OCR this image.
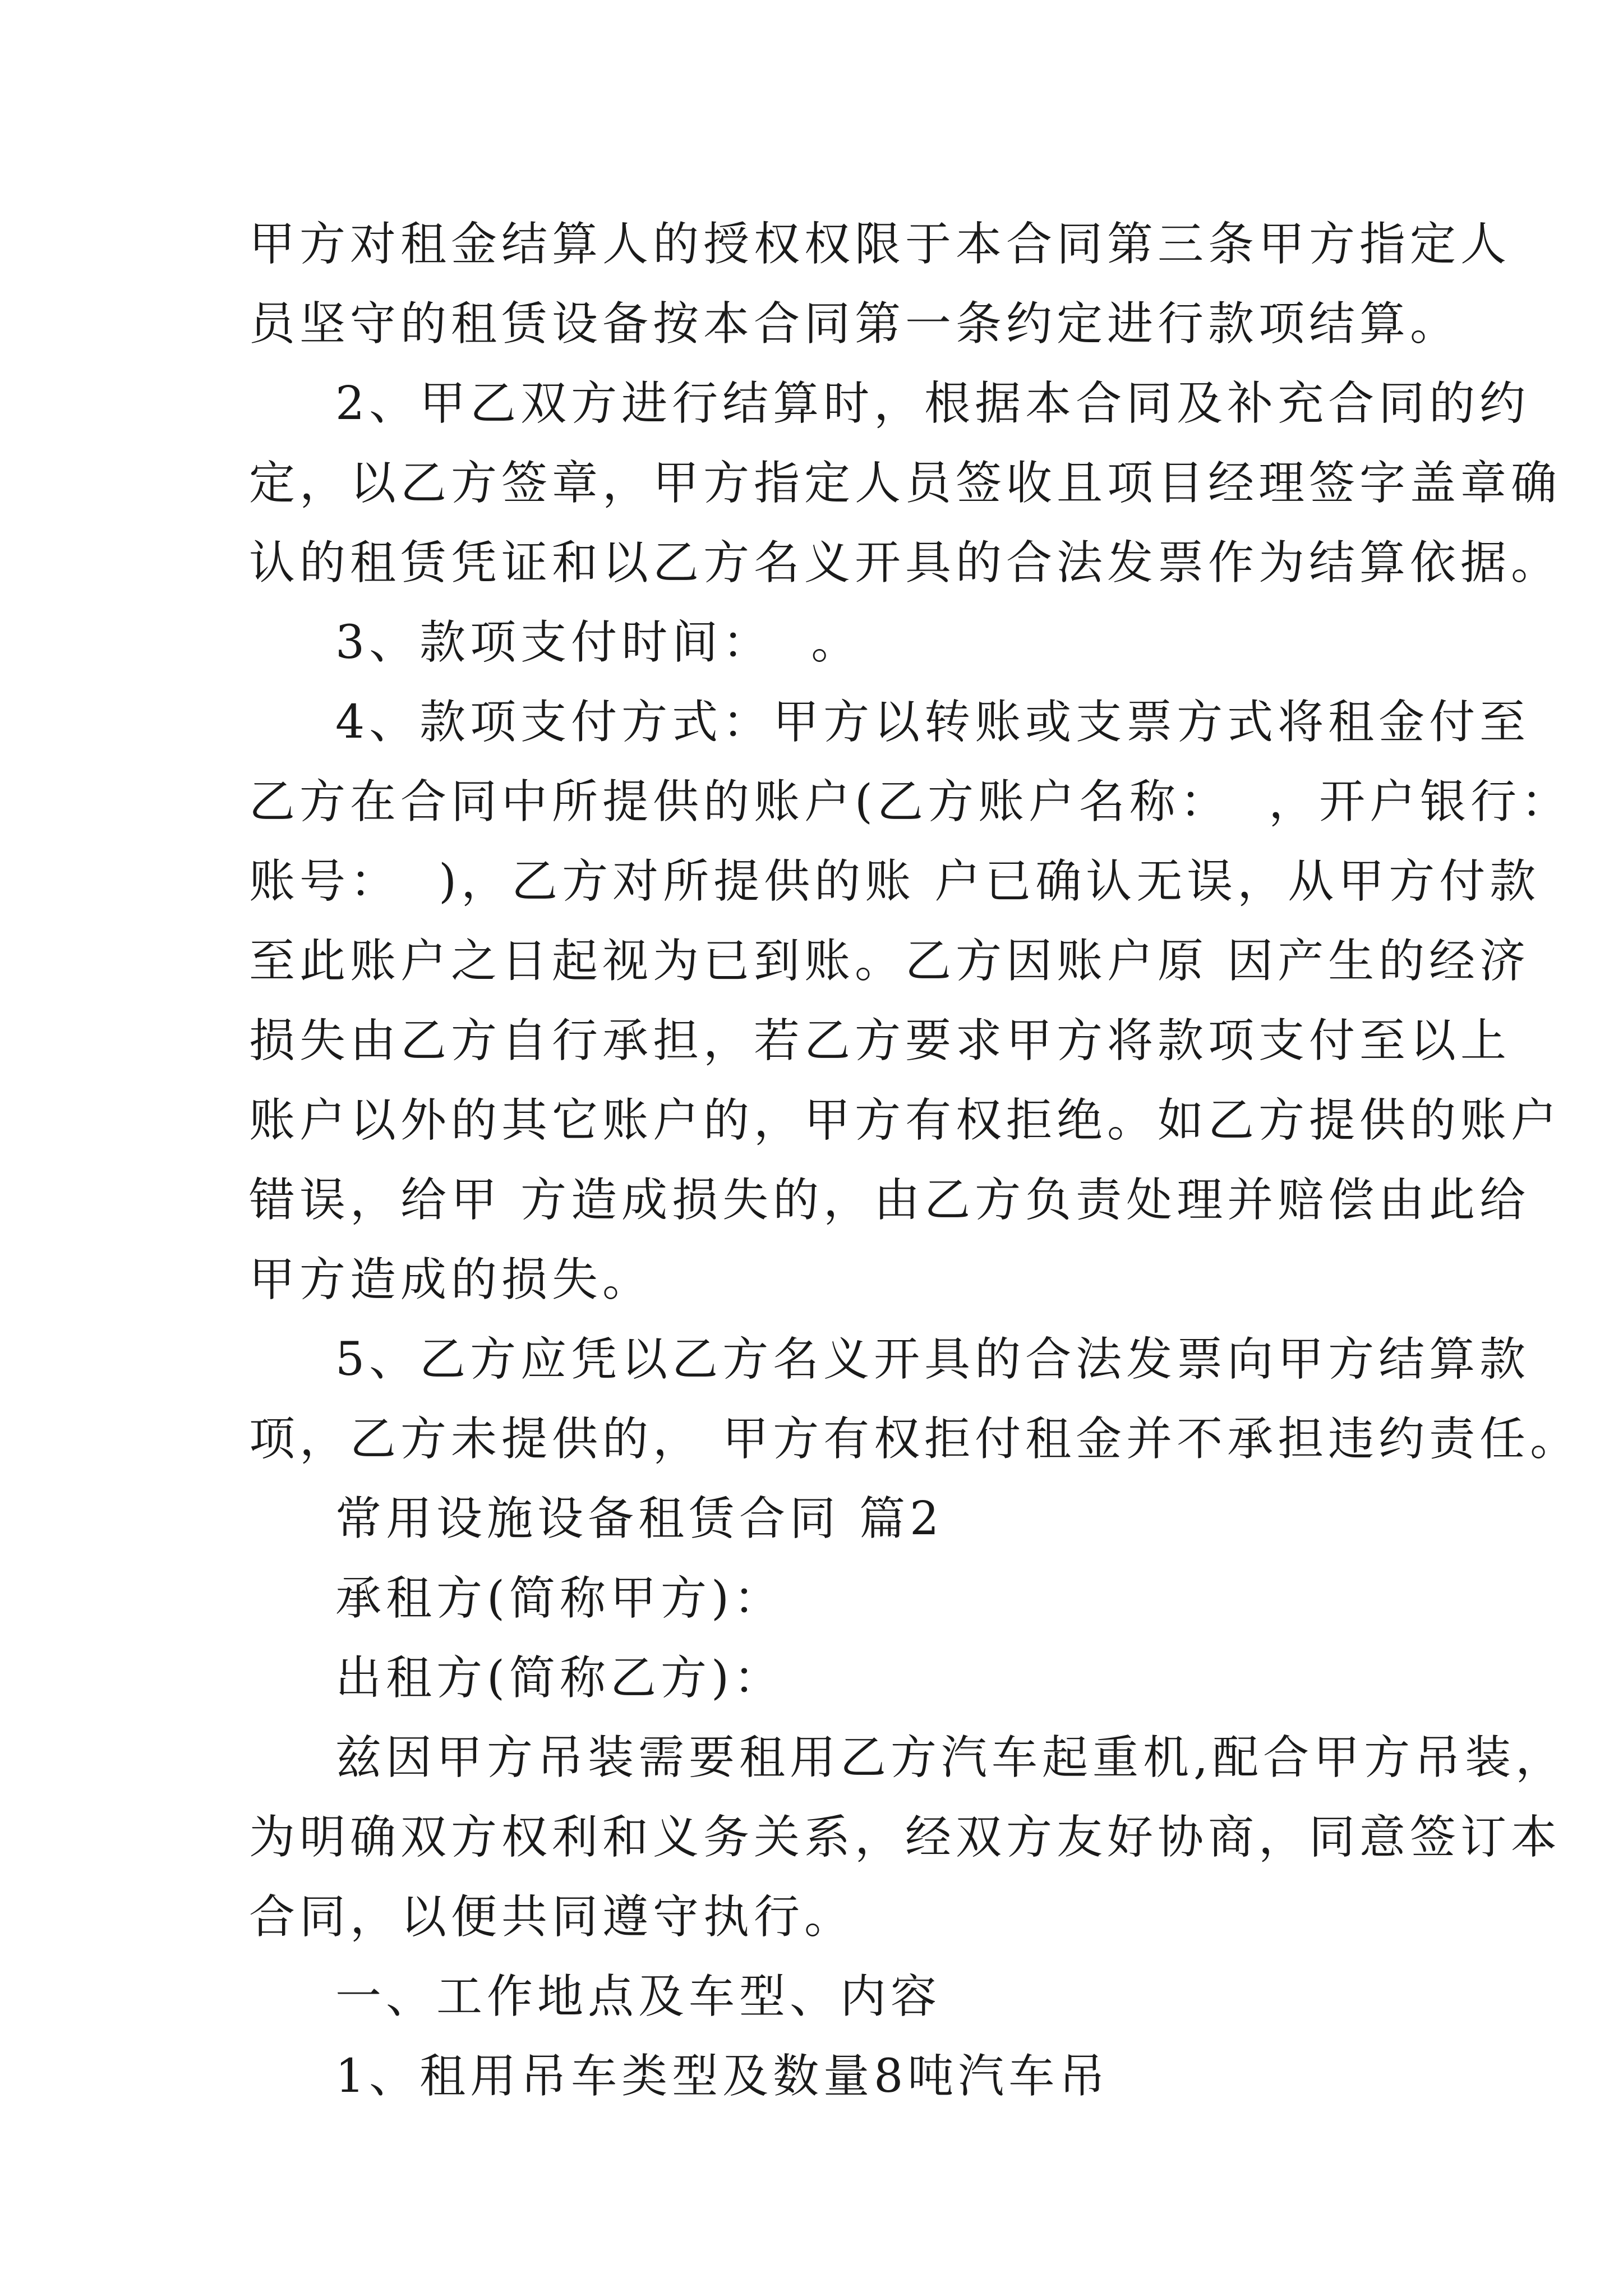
甲方对租金结算人的授权权限于本合同第三条甲方指定人
员坚守的租赁设备按本合同第一条约定进行款项结算。
2、甲乙双方进行结算时，根据本合同及补充合同的约
定，以乙方签章，甲方指定人员签收且项目经理签字盖章确
认的租赁凭证和以乙方名义开具的合法发票作为结算依据。
3、款项支付时间：  。
4、款项支付方式：甲方以转账或支票方式将租金付至
乙方在合同中所提供的账户(乙方账户名称：  ，开户银行：
账号：  )，乙方对所提供的账 户已确认无误，从甲方付款
至此账户之日起视为已到账。乙方因账户原 因产生的经济
损失由乙方自行承担，若乙方要求甲方将款项支付至以上
账户以外的其它账户的，甲方有权拒绝。如乙方提供的账户
错误，给甲 方造成损失的，由乙方负责处理并赔偿由此给
甲方造成的损失。
5、乙方应凭以乙方名义开具的合法发票向甲方结算款
项，乙方未提供的， 甲方有权拒付租金并不承担违约责任。
常用设施设备租赁合同 篇2
承租方(简称甲方)：
出租方(简称乙方)：
兹因甲方吊装需要租用乙方汽车起重机,配合甲方吊装，
为明确双方权利和义务关系，经双方友好协商，同意签订本
合同，以便共同遵守执行。
一、工作地点及车型、内容
1、租用吊车类型及数量8吨汽车吊
